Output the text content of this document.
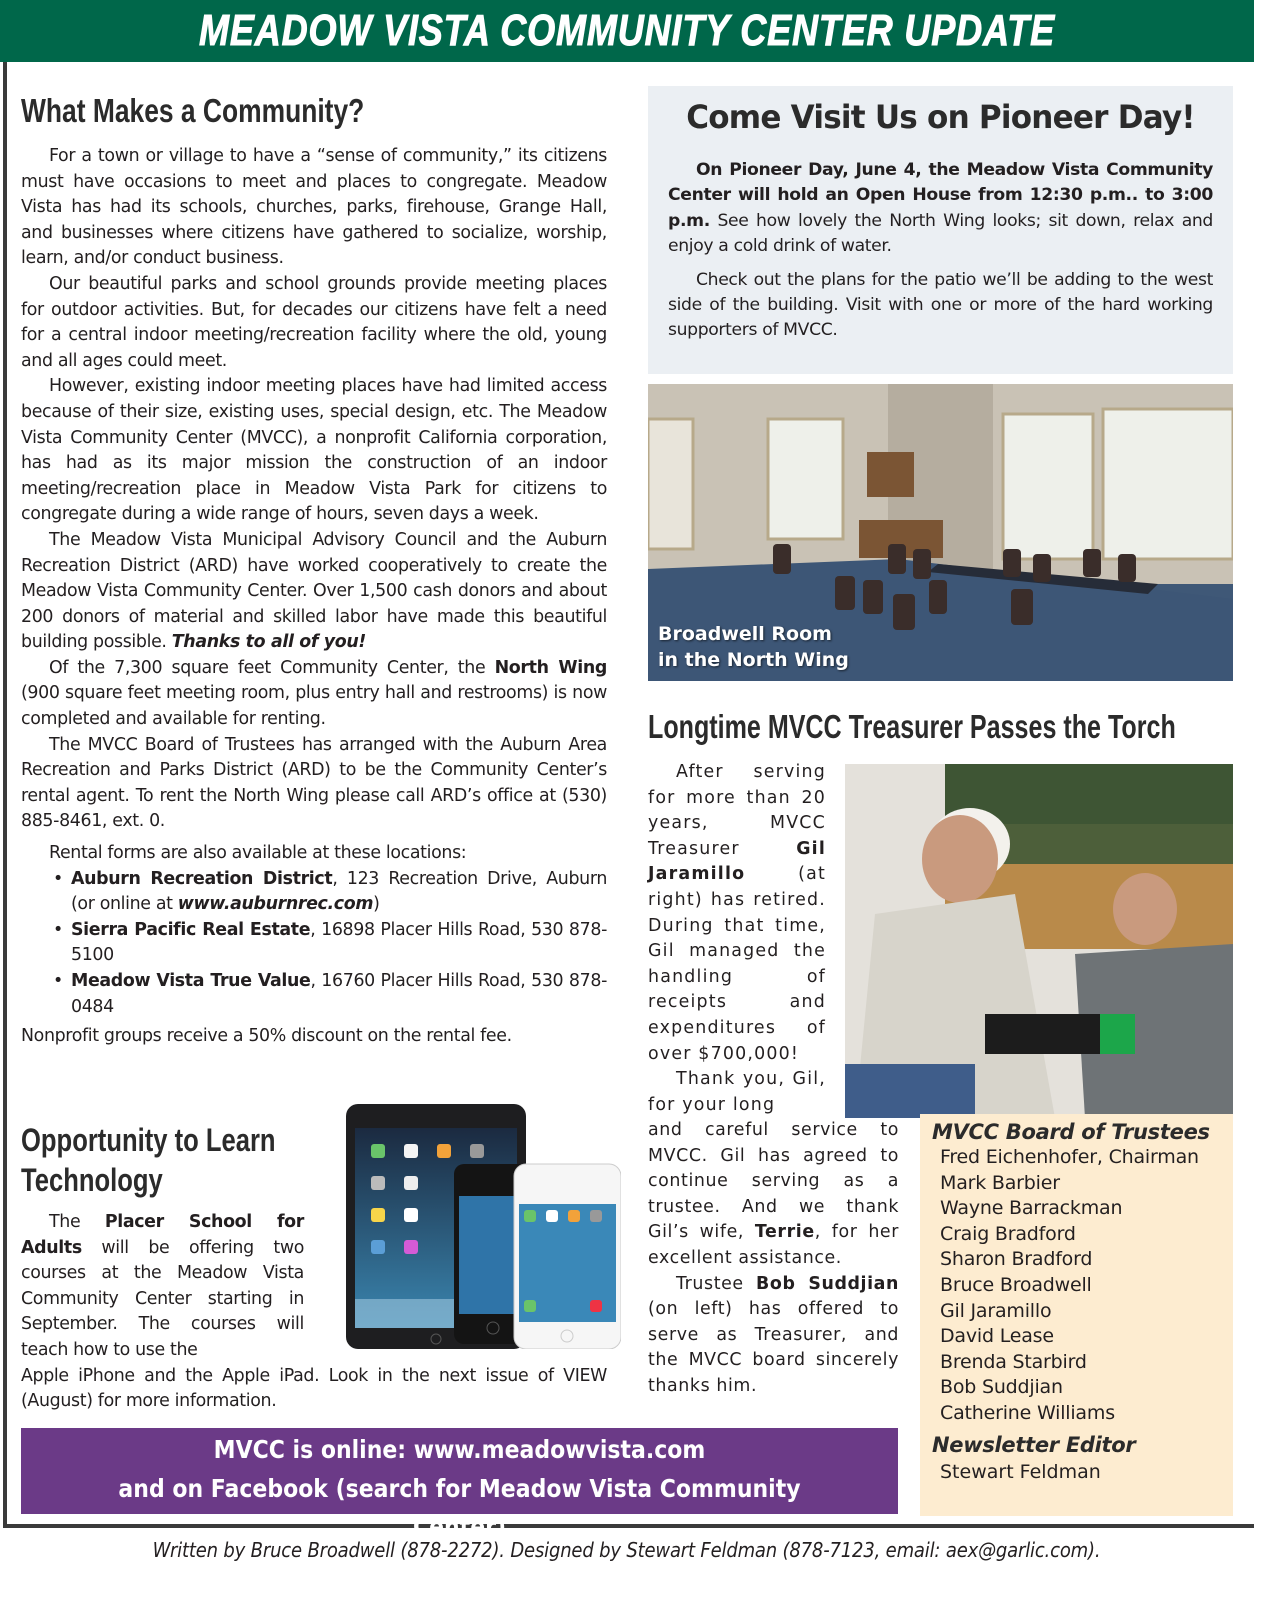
MEADOW VISTA COMMUNITY CENTER UPDATE
What Makes a Community?

For a town or village to have a “sense of community,” its citizens must have occasions to meet and places to congregate. Meadow Vista has had its schools, churches, parks, firehouse, Grange Hall, and businesses where citizens have gathered to socialize, worship, learn, and/or conduct business.

Our beautiful parks and school grounds provide meeting places for outdoor activities. But, for decades our citizens have felt a need for a central indoor meeting/recreation facility where the old, young and all ages could meet.

However, existing indoor meeting places have had limited access because of their size, existing uses, special design, etc. The Meadow Vista Community Center (MVCC), a nonprofit California corporation, has had as its major mission the construction of an indoor meeting/recreation place in Meadow Vista Park for citizens to congregate during a wide range of hours, seven days a week.

The Meadow Vista Municipal Advisory Council and the Auburn Recreation District (ARD) have worked cooperatively to create the Meadow Vista Community Center. Over 1,500 cash donors and about 200 donors of material and skilled labor have made this beautiful building possible. Thanks to all of you!

Of the 7,300 square feet Community Center, the North Wing (900 square feet meeting room, plus entry hall and restrooms) is now completed and available for renting.

The MVCC Board of Trustees has arranged with the Auburn Area Recreation and Parks District (ARD) to be the Community Center’s rental agent. To rent the North Wing please call ARD’s office at (530) 885-8461, ext. 0.

Rental forms are also available at these locations:

• Auburn Recreation District, 123 Recreation Drive, Auburn (or online at www.auburnrec.com)
• Sierra Pacific Real Estate, 16898 Placer Hills Road, 530 878-5100
• Meadow Vista True Value, 16760 Placer Hills Road, 530 878-0484

Nonprofit groups receive a 50% discount on the rental fee.

Opportunity to Learn
Technology

The Placer School for Adults will be offering two courses at the Meadow Vista Community Center starting in September. The courses will teach how to use the

Apple iPhone and the Apple iPad. Look in the next issue of VIEW (August) for more information.
Come Visit Us on Pioneer Day!

On Pioneer Day, June 4, the Meadow Vista Community Center will hold an Open House from 12:30 p.m.. to 3:00 p.m. See how lovely the North Wing looks; sit down, relax and enjoy a cold drink of water.

Check out the plans for the patio we’ll be adding to the west side of the building. Visit with one or more of the hard working supporters of MVCC.

Broadwell Room
in the North Wing
Longtime MVCC Treasurer Passes the Torch

After serving for more than 20 years, MVCC Treasurer Gil Jaramillo (at right) has retired. During that time, Gil managed the handling of receipts and expenditures of over $700,000!

Thank you, Gil, for your long

and careful service to MVCC. Gil has agreed to continue serving as a trustee. And we thank Gil’s wife, Terrie, for her excellent assistance.

Trustee Bob Suddjian (on left) has offered to serve as Treasurer, and the MVCC board sincerely thanks him.

MVCC Board of Trustees
Fred Eichenhofer, Chairman
Mark Barbier
Wayne Barrackman
Craig Bradford
Sharon Bradford
Bruce Broadwell
Gil Jaramillo
David Lease
Brenda Starbird
Bob Suddjian
Catherine Williams
Newsletter Editor
Stewart Feldman
MVCC is online: www.meadowvista.com
and on Facebook (search for Meadow Vista Community Center)
Written by Bruce Broadwell (878-2272). Designed by Stewart Feldman (878-7123, email: aex@garlic.com).
